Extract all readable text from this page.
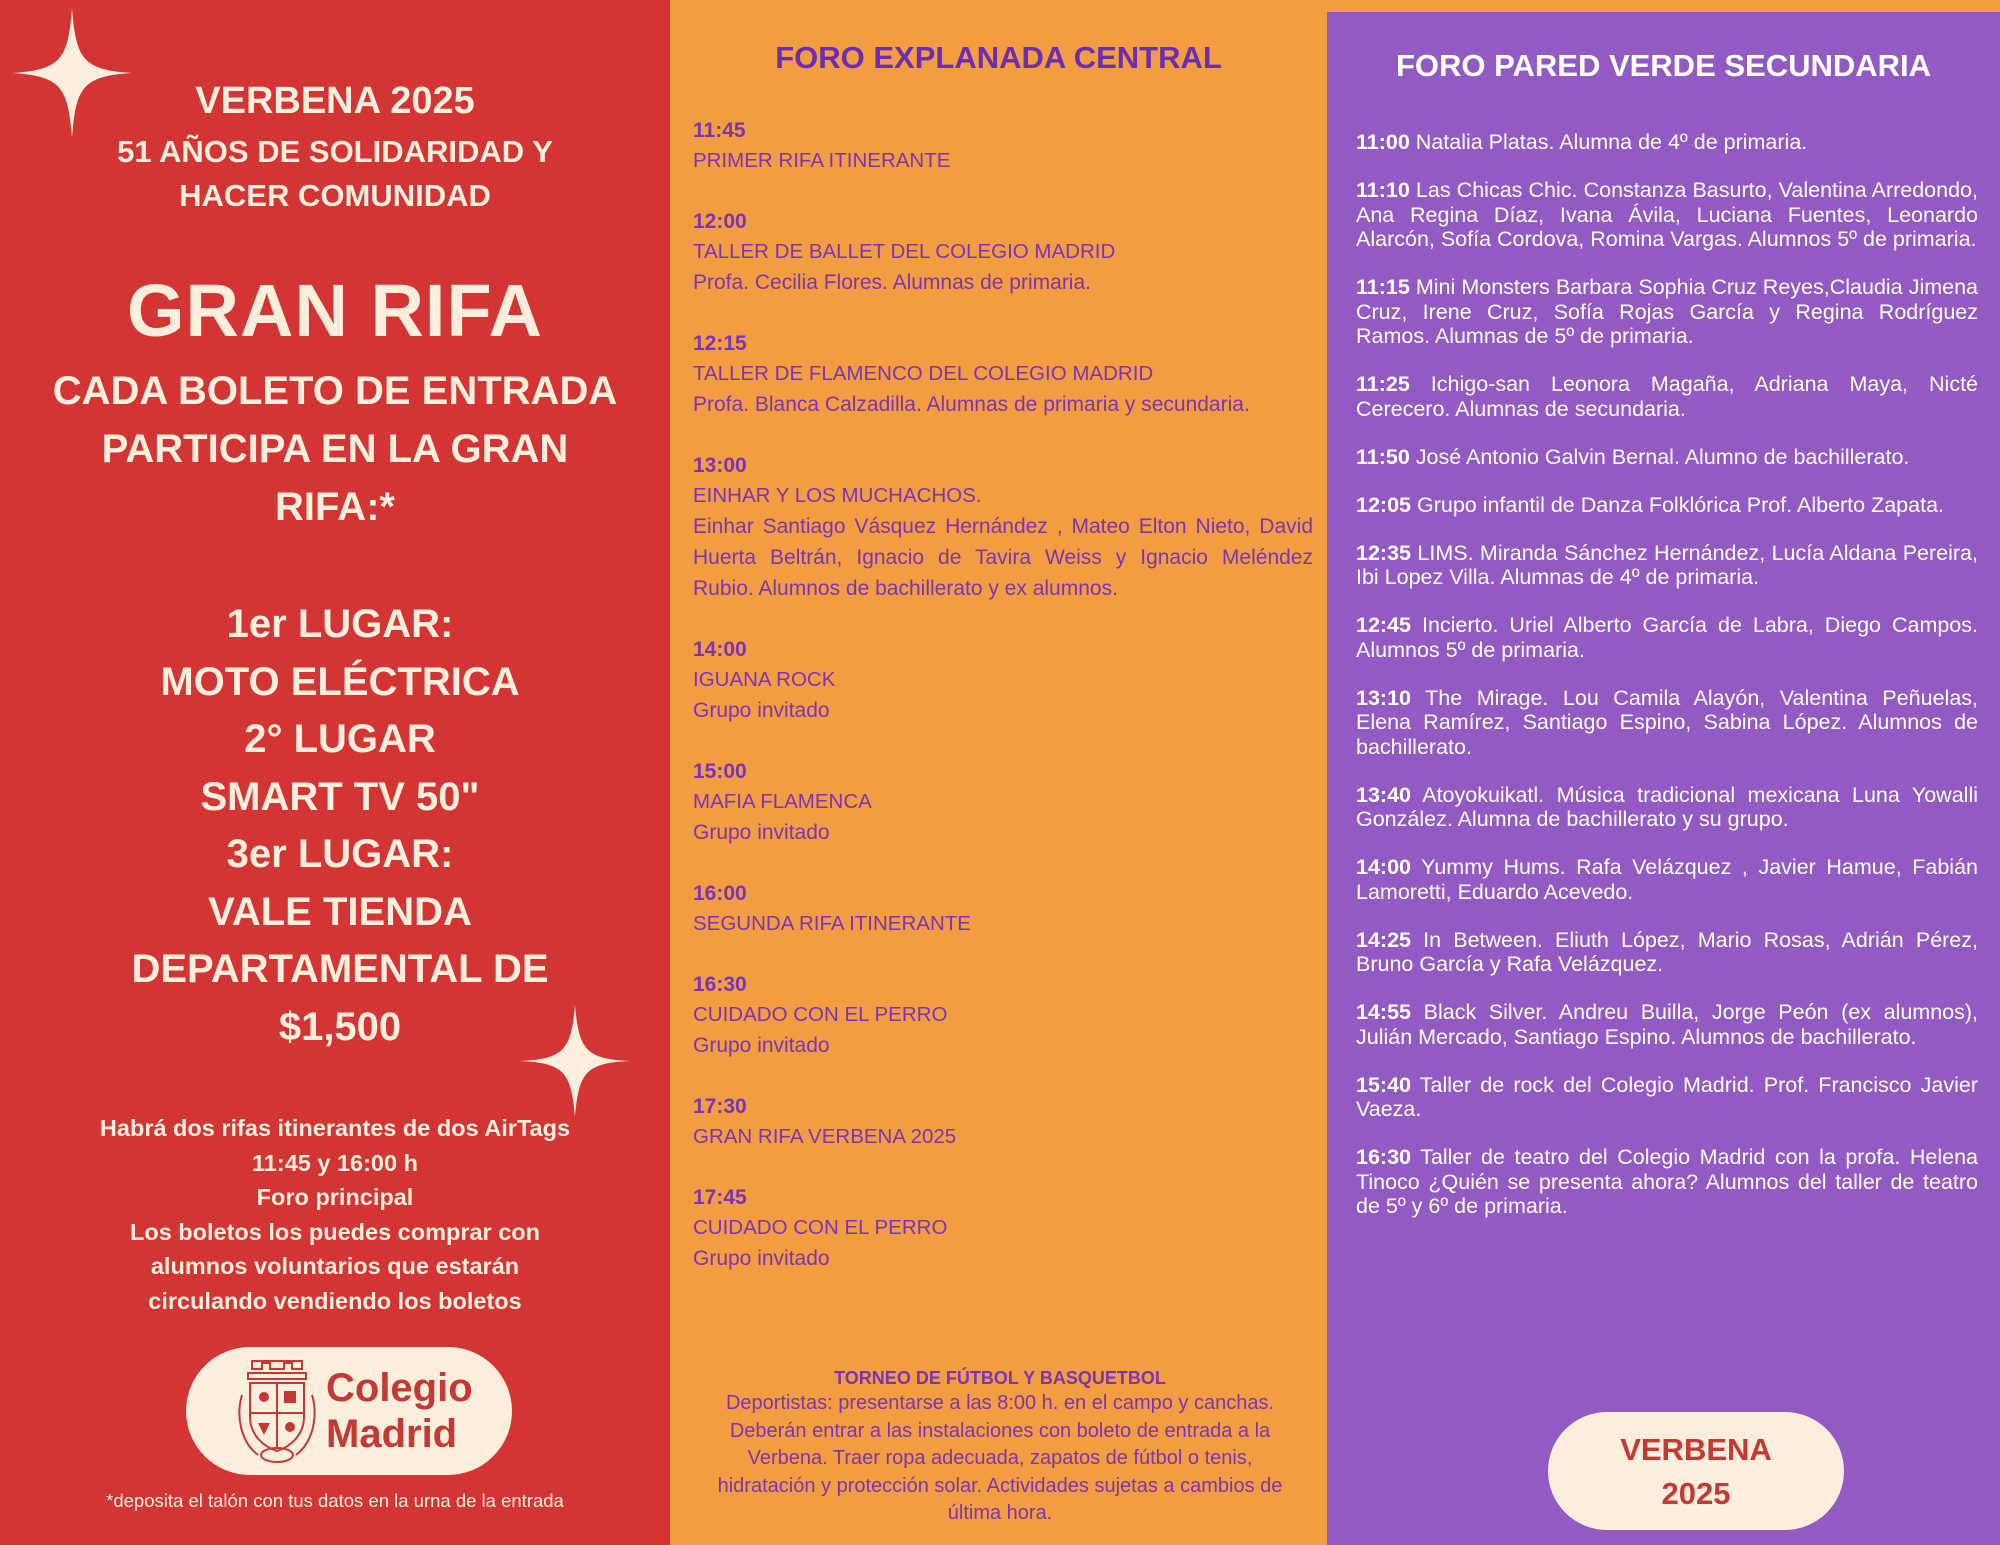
VERBENA 2025
51 AÑOS DE SOLIDARIDAD Y
HACER COMUNIDAD
GRAN RIFA
CADA BOLETO DE ENTRADA PARTICIPA EN LA GRAN RIFA:*
1er LUGAR:
MOTO ELÉCTRICA
2° LUGAR
SMART TV 50"
3er LUGAR:
VALE TIENDA
DEPARTAMENTAL DE
$1,500
Habrá dos rifas itinerantes de dos AirTags
11:45 y 16:00 h
Foro principal
Los boletos los puedes comprar con
alumnos voluntarios que estarán
circulando vendiendo los boletos
Colegio
Madrid
*deposita el talón con tus datos en la urna de la entrada
FORO EXPLANADA CENTRAL
11:45
PRIMER RIFA ITINERANTE
12:00
TALLER DE BALLET DEL COLEGIO MADRID
Profa. Cecilia Flores. Alumnas de primaria.
12:15
TALLER DE FLAMENCO DEL COLEGIO MADRID
Profa. Blanca Calzadilla. Alumnas de primaria y secundaria.
13:00
EINHAR Y LOS MUCHACHOS.
Einhar Santiago Vásquez Hernández , Mateo Elton Nieto, David Huerta Beltrán, Ignacio de Tavira Weiss y Ignacio Meléndez Rubio. Alumnos de bachillerato y ex alumnos.
14:00
IGUANA ROCK
Grupo invitado
15:00
MAFIA FLAMENCA
Grupo invitado
16:00
SEGUNDA RIFA ITINERANTE
16:30
CUIDADO CON EL PERRO
Grupo invitado
17:30
GRAN RIFA VERBENA 2025
17:45
CUIDADO CON EL PERRO
Grupo invitado
TORNEO DE FÚTBOL Y BASQUETBOL
Deportistas: presentarse a las 8:00 h. en el campo y canchas. Deberán entrar a las instalaciones con boleto de entrada a la Verbena. Traer ropa adecuada, zapatos de fútbol o tenis, hidratación y protección solar. Actividades sujetas a cambios de última hora.
FORO PARED VERDE SECUNDARIA
11:00 Natalia Platas. Alumna de 4º de primaria.
11:10 Las Chicas Chic. Constanza Basurto, Valentina Arredondo, Ana Regina Díaz, Ivana Ávila, Luciana Fuentes, Leonardo Alarcón, Sofía Cordova, Romina Vargas. Alumnos 5º de primaria.
11:15 Mini Monsters Barbara Sophia Cruz Reyes,Claudia Jimena Cruz, Irene Cruz, Sofía Rojas García y Regina Rodríguez Ramos. Alumnas de 5º de primaria.
11:25 Ichigo-san Leonora Magaña, Adriana Maya, Nicté Cerecero. Alumnas de secundaria.
11:50 José Antonio Galvin Bernal. Alumno de bachillerato.
12:05 Grupo infantil de Danza Folklórica Prof. Alberto Zapata.
12:35 LIMS. Miranda Sánchez Hernández, Lucía Aldana Pereira, Ibi Lopez Villa. Alumnas de 4º de primaria.
12:45 Incierto. Uriel Alberto García de Labra, Diego Campos. Alumnos 5º de primaria.
13:10 The Mirage. Lou Camila Alayón, Valentina Peñuelas, Elena Ramírez, Santiago Espino, Sabina López. Alumnos de bachillerato.
13:40 Atoyokuikatl. Música tradicional mexicana Luna Yowalli González. Alumna de bachillerato y su grupo.
14:00 Yummy Hums. Rafa Velázquez , Javier Hamue, Fabián Lamoretti, Eduardo Acevedo.
14:25 In Between. Eliuth López, Mario Rosas, Adrián Pérez, Bruno García y Rafa Velázquez.
14:55 Black Silver. Andreu Builla, Jorge Peón (ex alumnos), Julián Mercado, Santiago Espino. Alumnos de bachillerato.
15:40 Taller de rock del Colegio Madrid. Prof. Francisco Javier Vaeza.
16:30 Taller de teatro del Colegio Madrid con la profa. Helena Tinoco ¿Quién se presenta ahora? Alumnos del taller de teatro de 5º y 6º de primaria.
VERBENA
2025
